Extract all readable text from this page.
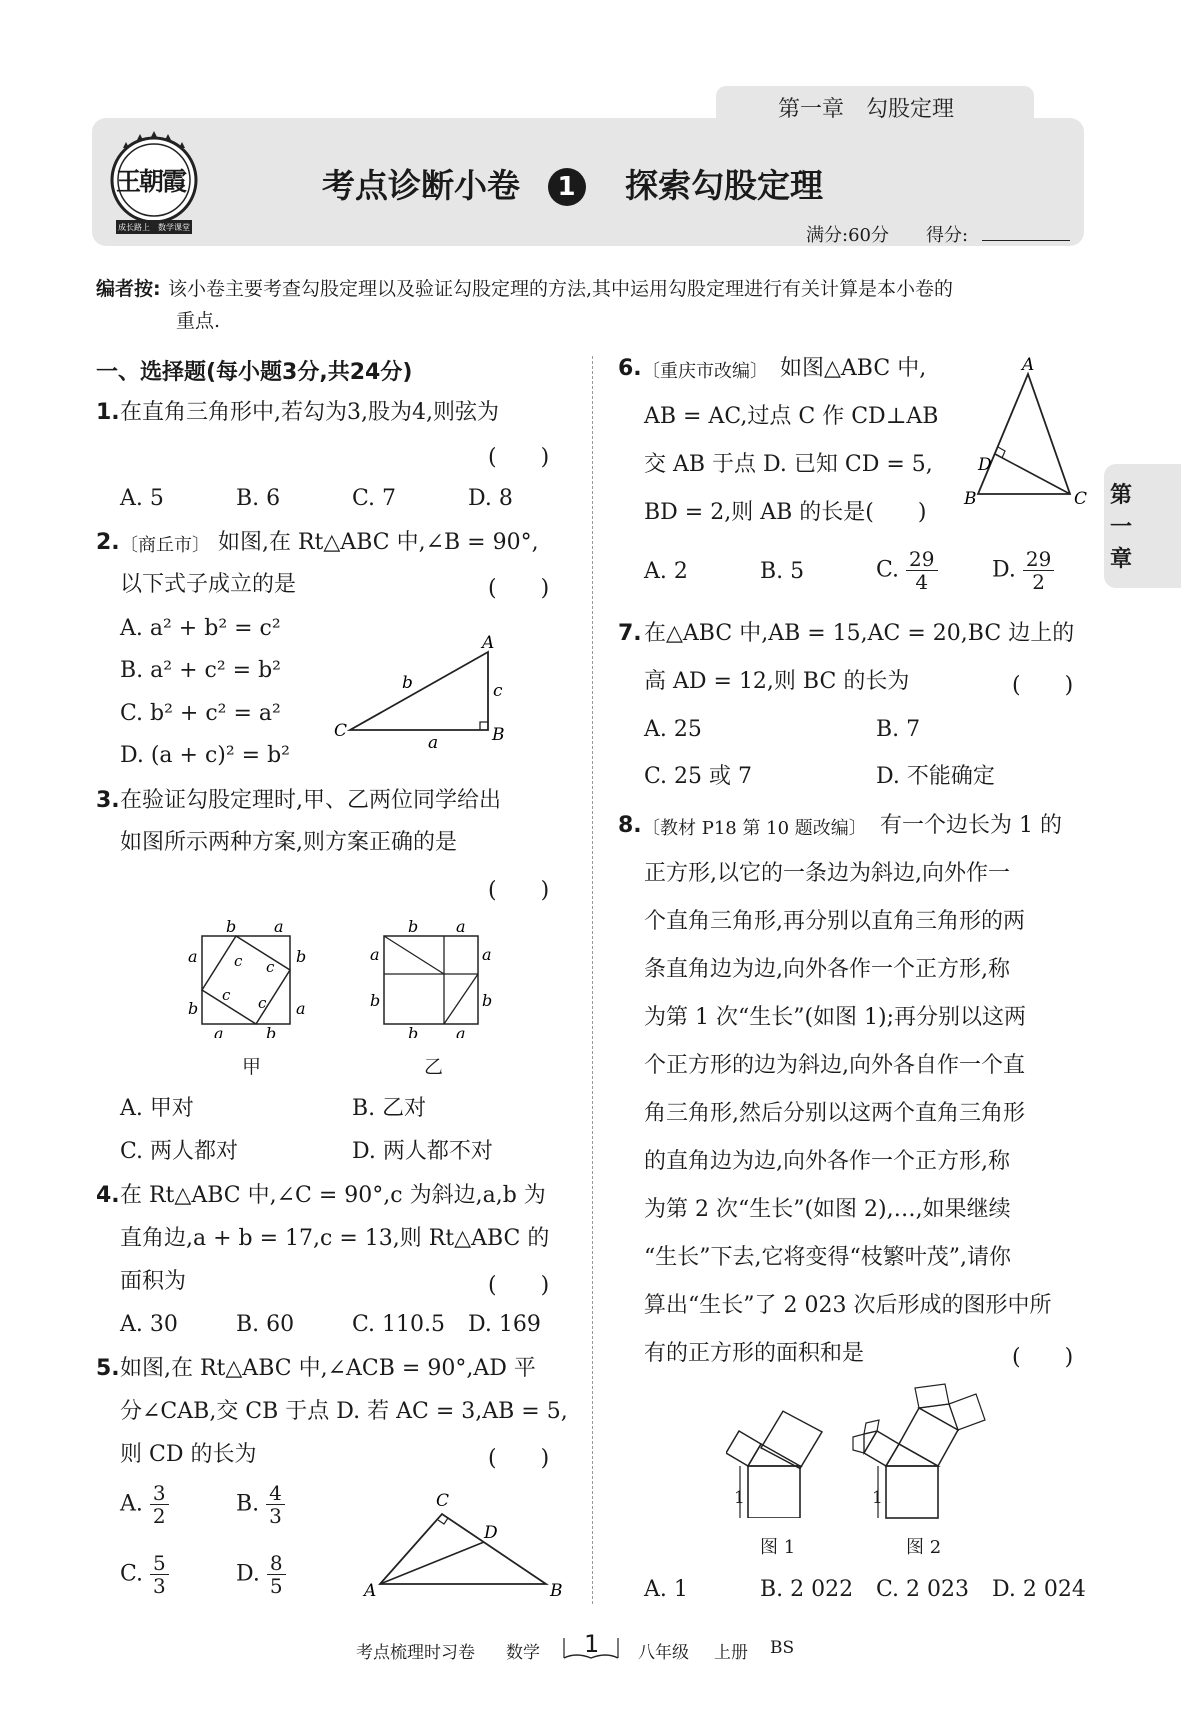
第一章　勾股定理
王朝霞
成长路上 数学课堂
考点诊断小卷 1 探索勾股定理
满分:60分 得分:
第
一
章
编者按: 该小卷主要考查勾股定理以及验证勾股定理的方法,其中运用勾股定理进行有关计算是本小卷的
重点.
一、选择题(每小题3分,共24分)
1. 在直角三角形中,若勾为3,股为4,则弦为
(　　)
A. 5	B. 6	C. 7	D. 8
2. 〔商丘市〕 如图,在 Rt△ABC 中,∠B = 90°,
以下式子成立的是	(　　)
A. a² + b² = c²
B. a² + c² = b²
C. b² + c² = a²
D. (a + c)² = b²
A
C	B
b	c
a
3. 在验证勾股定理时,甲、乙两位同学给出
如图所示两种方案,则方案正确的是
(　　)
b a
a
b
b
a
a	b
c c
c c
甲
b a
a
b
a
b
b a
乙
A. 甲对	B. 乙对
C. 两人都对	D. 两人都不对
4. 在 Rt△ABC 中,∠C = 90°,c 为斜边,a,b 为
直角边,a + b = 17,c = 13,则 Rt△ABC 的
面积为	(　　)
A. 30	B. 60	C. 110.5 D. 169
5. 如图,在 Rt△ABC 中,∠ACB = 90°,AD 平
分∠CAB,交 CB 于点 D. 若 AC = 3,AB = 5,
则 CD 的长为	(　　)
A. $\frac{3}{2}$	B. $\frac{4}{3}$
C. $\frac{5}{3}$	D. $\frac{8}{5}$
C
D
A	B
6. 〔重庆市改编〕 如图△ABC 中,
AB = AC,过点 C 作 CD⊥AB
交 AB 于点 D. 已知 CD = 5,
BD = 2,则 AB 的长是(　　)
A
D
B	C
A. 2	B. 5	C. $\frac{29}{4} D$. $\frac{29}{2}$
7. 在△ABC 中,AB = 15,AC = 20,BC 边上的
高 AD = 12,则 BC 的长为	(　　)
A. 25	B. 7
C. 25 或 7	D. 不能确定
8. 〔教材 P18 第 10 题改编〕 有一个边长为 1 的
正方形,以它的一条边为斜边,向外作一
个直角三角形,再分别以直角三角形的两
条直角边为边,向外各作一个正方形,称
为第 1 次“生长”(如图 1);再分别以这两
个正方形的边为斜边,向外各自作一个直
角三角形,然后分别以这两个直角三角形
的直角边为边,向外各作一个正方形,称
为第 2 次“生长”(如图 2),…,如果继续
“生长”下去,它将变得“枝繁叶茂”,请你
算出“生长”了 2 023 次后形成的图形中所
有的正方形的面积和是	(　　)
1
图 1
1
图 2
A. 1	B. 2 022 C. 2 023 D. 2 024
考点梳理时习卷 数学 1 八年级 上册 BS
